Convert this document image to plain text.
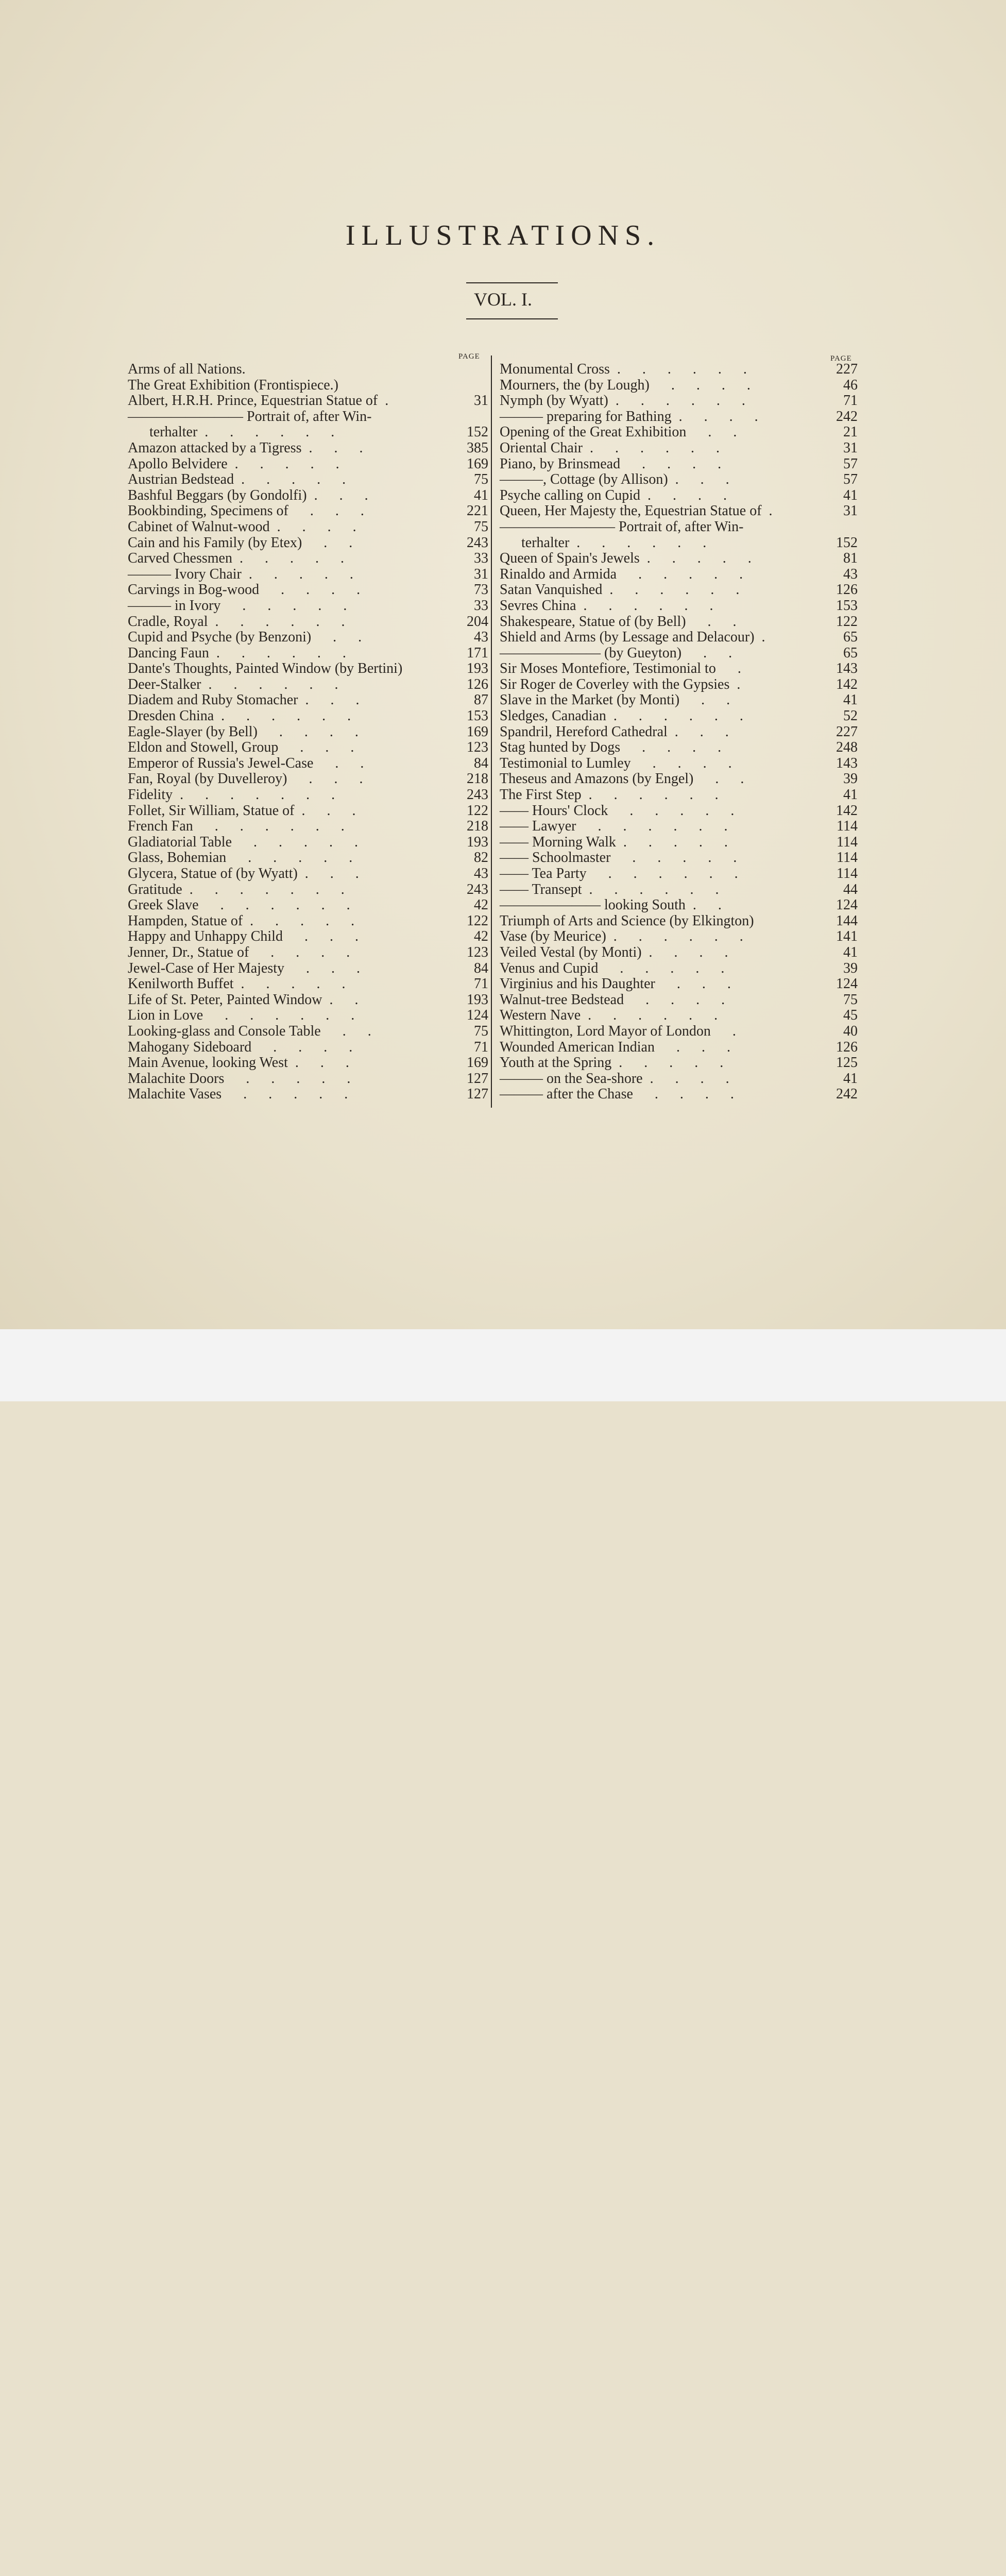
ILLUSTRATIONS.
VOL. I.
PAGE	PAGE
Arms of all Nations.
The Great Exhibition (Frontispiece.)
Albert, H.R.H. Prince, Equestrian Statue of  .	31
———————— Portrait of, after Win-
terhalter  .      .      .      .      .      .	152
Amazon attacked by a Tigress  .      .      .	385
Apollo Belvidere  .      .      .      .      .	169
Austrian Bedstead  .      .      .      .      .	75
Bashful Beggars (by Gondolfi)  .      .      .	41
Bookbinding, Specimens of      .      .      .	221
Cabinet of Walnut-wood  .      .      .      .	75
Cain and his Family (by Etex)      .      .	243
Carved Chessmen  .      .      .      .      .	33
——— Ivory Chair  .      .      .      .      .	31
Carvings in Bog-wood      .      .      .      .	73
——— in Ivory      .      .      .      .      .	33
Cradle, Royal  .      .      .      .      .      .	204
Cupid and Psyche (by Benzoni)      .      .	43
Dancing Faun  .      .      .      .      .      .	171
Dante's Thoughts, Painted Window (by Bertini)	193
Deer-Stalker  .      .      .      .      .      .	126
Diadem and Ruby Stomacher  .      .      .	87
Dresden China  .      .      .      .      .      .	153
Eagle-Slayer (by Bell)      .      .      .      .	169
Eldon and Stowell, Group      .      .      .	123
Emperor of Russia's Jewel-Case      .      .	84
Fan, Royal (by Duvelleroy)      .      .      .	218
Fidelity  .      .      .      .      .      .      .	243
Follet, Sir William, Statue of  .      .      .	122
French Fan      .      .      .      .      .      .	218
Gladiatorial Table      .      .      .      .      .	193
Glass, Bohemian      .      .      .      .      .	82
Glycera, Statue of (by Wyatt)  .      .      .	43
Gratitude  .      .      .      .      .      .      .	243
Greek Slave      .      .      .      .      .      .	42
Hampden, Statue of  .      .      .      .      .	122
Happy and Unhappy Child      .      .      .	42
Jenner, Dr., Statue of      .      .      .      .	123
Jewel-Case of Her Majesty      .      .      .	84
Kenilworth Buffet  .      .      .      .      .	71
Life of St. Peter, Painted Window  .      .	193
Lion in Love      .      .      .      .      .      .	124
Looking-glass and Console Table      .      .	75
Mahogany Sideboard      .      .      .      .	71
Main Avenue, looking West  .      .      .	169
Malachite Doors      .      .      .      .      .	127
Malachite Vases      .      .      .      .      .	127
Monumental Cross  .      .      .      .      .      .	227
Mourners, the (by Lough)      .      .      .      .	46
Nymph (by Wyatt)  .      .      .      .      .      .	71
——— preparing for Bathing  .      .      .      .	242
Opening of the Great Exhibition      .      .	21
Oriental Chair  .      .      .      .      .      .	31
Piano, by Brinsmead      .      .      .      .	57
———, Cottage (by Allison)  .      .      .	57
Psyche calling on Cupid  .      .      .      .	41
Queen, Her Majesty the, Equestrian Statue of  .	31
———————— Portrait of, after Win-
terhalter  .      .      .      .      .      .	152
Queen of Spain's Jewels  .      .      .      .      .	81
Rinaldo and Armida      .      .      .      .      .	43
Satan Vanquished  .      .      .      .      .      .	126
Sevres China  .      .      .      .      .      .	153
Shakespeare, Statue of (by Bell)      .      .	122
Shield and Arms (by Lessage and Delacour)  .	65
——————— (by Gueyton)      .      .	65
Sir Moses Montefiore, Testimonial to      .	143
Sir Roger de Coverley with the Gypsies  .	142
Slave in the Market (by Monti)      .      .	41
Sledges, Canadian  .      .      .      .      .      .	52
Spandril, Hereford Cathedral  .      .      .	227
Stag hunted by Dogs      .      .      .      .	248
Testimonial to Lumley      .      .      .      .	143
Theseus and Amazons (by Engel)      .      .	39
The First Step  .      .      .      .      .      .	41
—— Hours' Clock      .      .      .      .      .	142
—— Lawyer      .      .      .      .      .      .	114
—— Morning Walk  .      .      .      .      .	114
—— Schoolmaster      .      .      .      .      .	114
—— Tea Party      .      .      .      .      .      .	114
—— Transept  .      .      .      .      .      .	44
——————— looking South  .      .	124
Triumph of Arts and Science (by Elkington)	144
Vase (by Meurice)  .      .      .      .      .      .	141
Veiled Vestal (by Monti)  .      .      .      .	41
Venus and Cupid      .      .      .      .      .	39
Virginius and his Daughter      .      .      .	124
Walnut-tree Bedstead      .      .      .      .	75
Western Nave  .      .      .      .      .      .	45
Whittington, Lord Mayor of London      .	40
Wounded American Indian      .      .      .	126
Youth at the Spring  .      .      .      .      .	125
——— on the Sea-shore  .      .      .      .	41
——— after the Chase      .      .      .      .	242
